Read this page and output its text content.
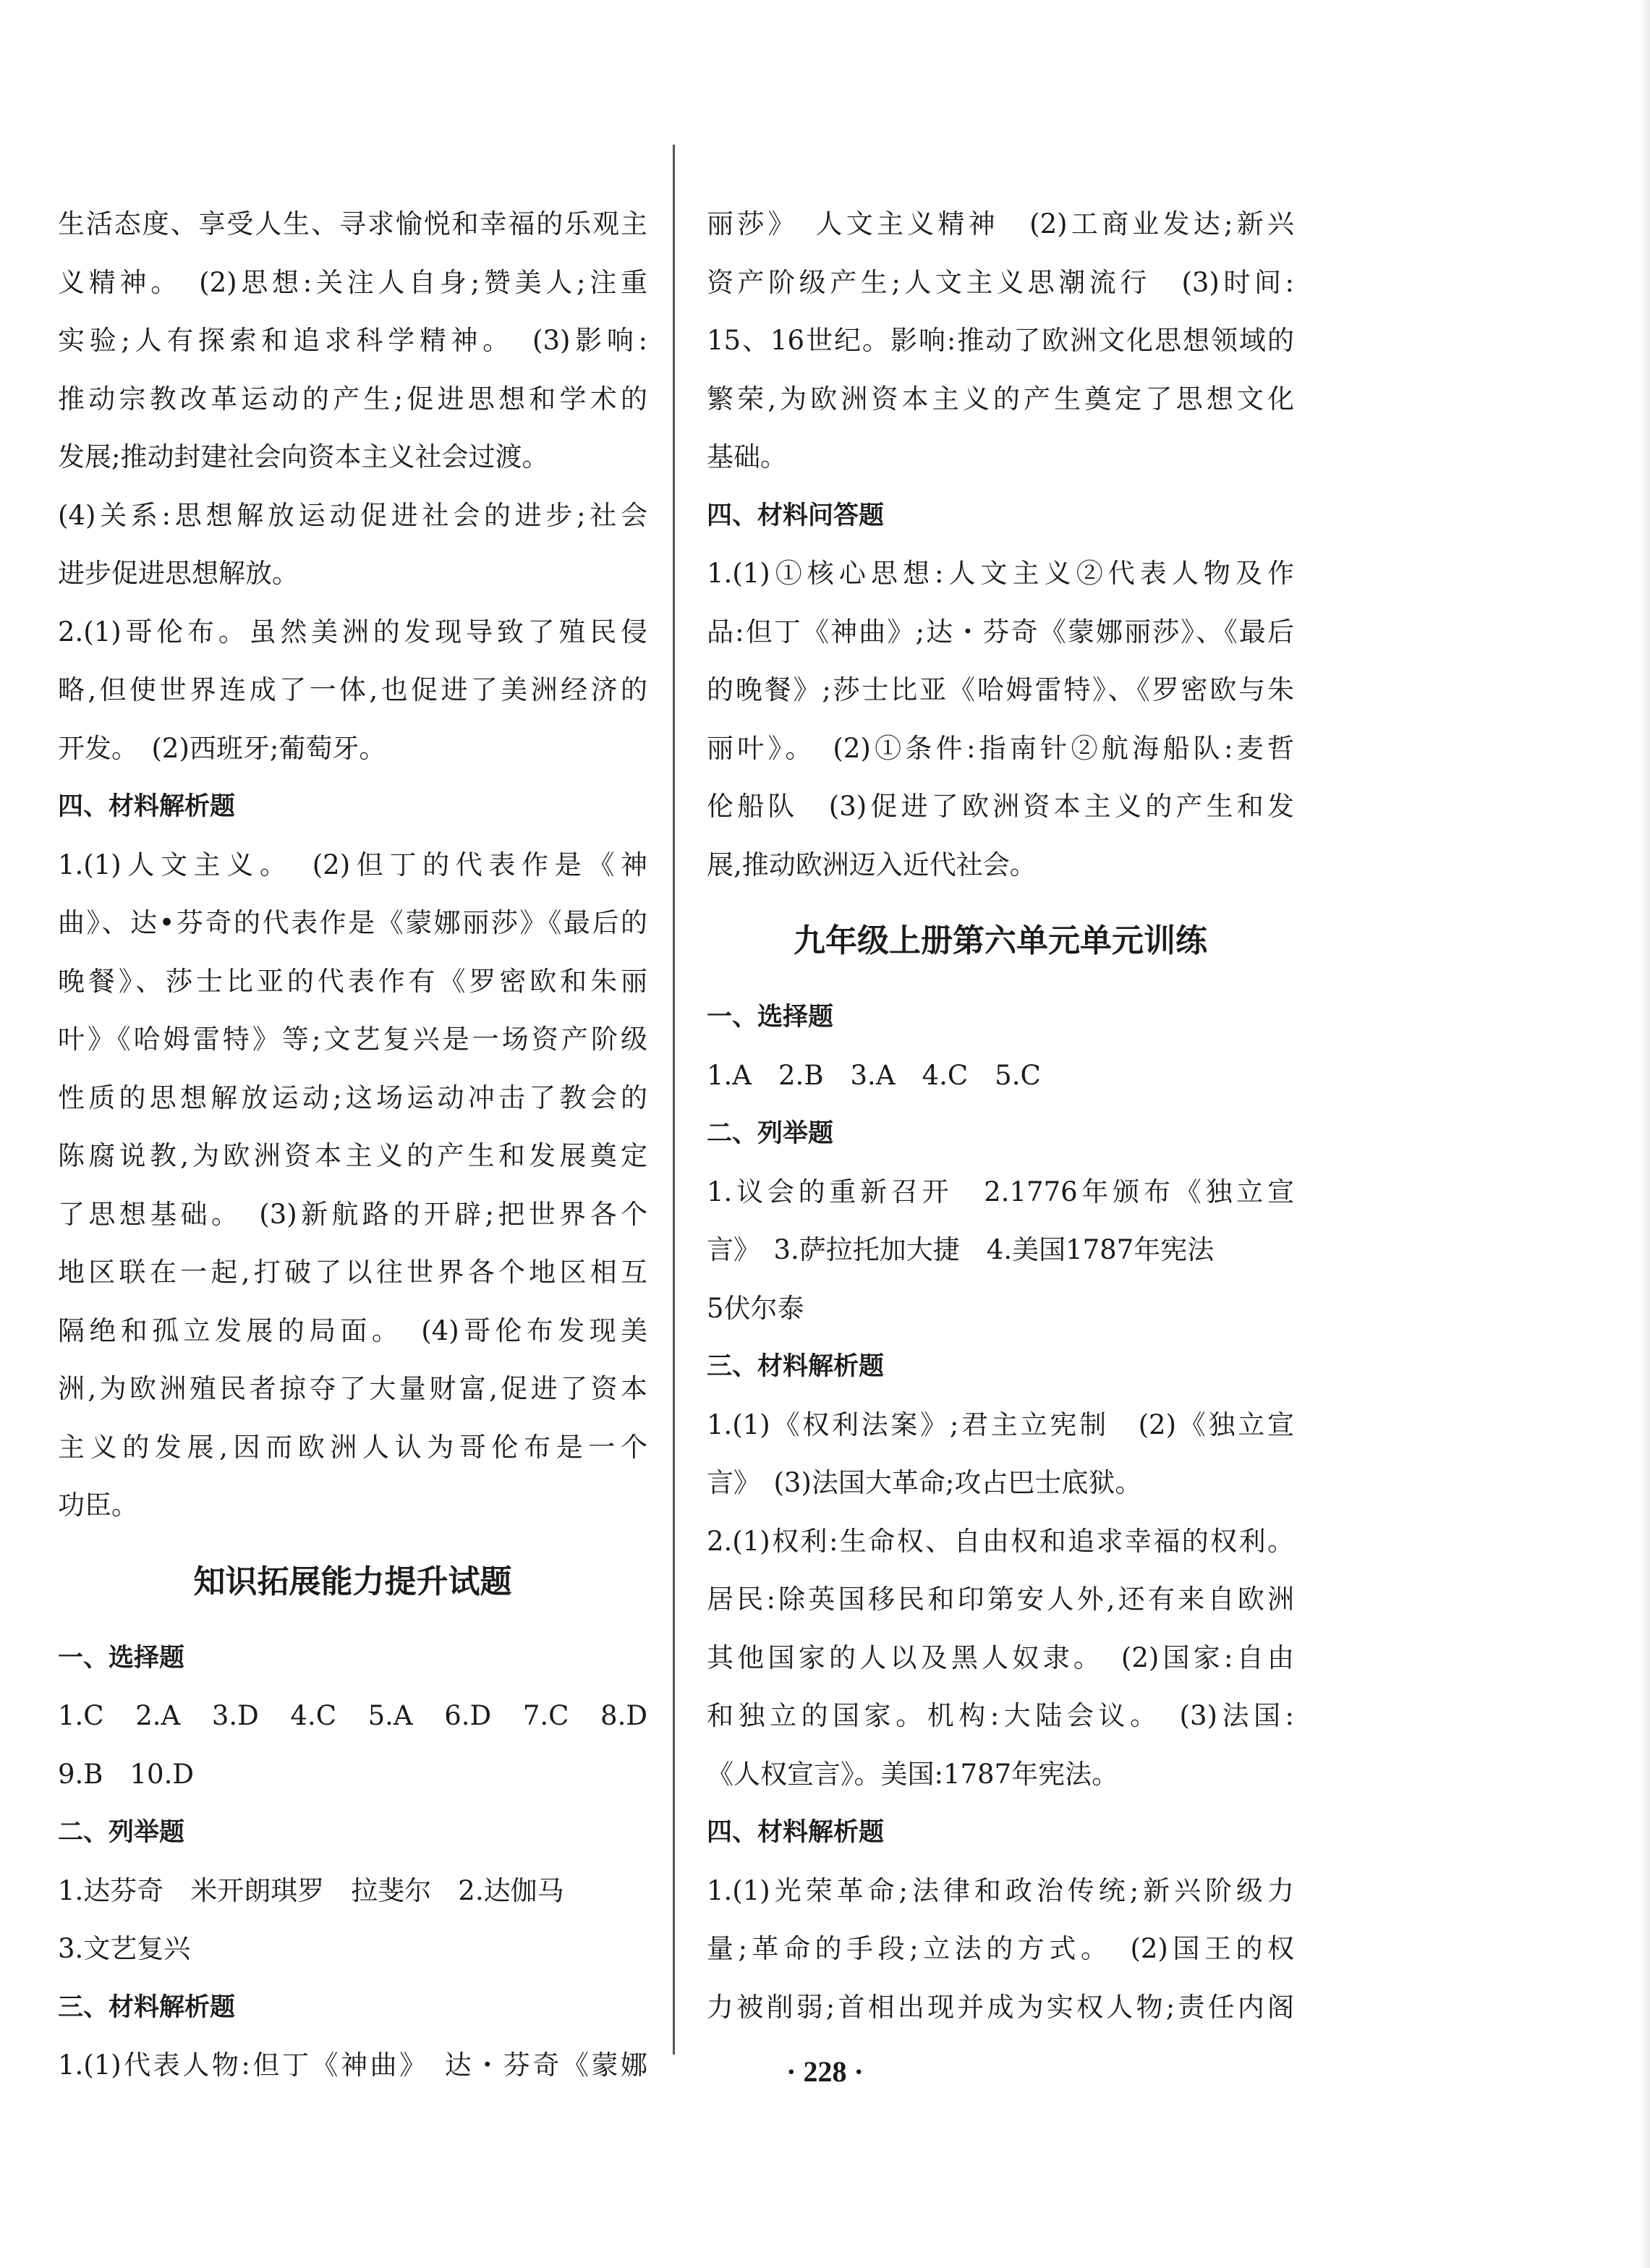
生活态度、享受人生、寻求愉悦和幸福的乐观主
义精神。　(2)思想:关注人自身;赞美人;注重
实验;人有探索和追求科学精神。　(3)影响:
推动宗教改革运动的产生;促进思想和学术的
发展;推动封建社会向资本主义社会过渡。
(4)关系:思想解放运动促进社会的进步;社会
进步促进思想解放。
2.(1)哥伦布。虽然美洲的发现导致了殖民侵
略,但使世界连成了一体,也促进了美洲经济的
开发。　(2)西班牙;葡萄牙。
四、材料解析题
1.(1)人文主义。　(2)但丁的代表作是《神
曲》、达•芬奇的代表作是《蒙娜丽莎》《最后的
晚餐》、莎士比亚的代表作有《罗密欧和朱丽
叶》《哈姆雷特》等;文艺复兴是一场资产阶级
性质的思想解放运动;这场运动冲击了教会的
陈腐说教,为欧洲资本主义的产生和发展奠定
了思想基础。　(3)新航路的开辟;把世界各个
地区联在一起,打破了以往世界各个地区相互
隔绝和孤立发展的局面。　(4)哥伦布发现美
洲,为欧洲殖民者掠夺了大量财富,促进了资本
主义的发展,因而欧洲人认为哥伦布是一个
功臣。
知识拓展能力提升试题
一、选择题
1.C　2.A　3.D　4.C　5.A　6.D　7.C　8.D
9.B　10.D
二、列举题
1.达芬奇　米开朗琪罗　拉斐尔　2.达伽马
3.文艺复兴
三、材料解析题
1.(1)代表人物:但丁《神曲》　达・芬奇《蒙娜
丽莎》　人文主义精神　(2)工商业发达;新兴
资产阶级产生;人文主义思潮流行　(3)时间:
15、16世纪。影响:推动了欧洲文化思想领域的
繁荣,为欧洲资本主义的产生奠定了思想文化
基础。
四、材料问答题
1.(1)①核心思想:人文主义②代表人物及作
品:但丁《神曲》;达・芬奇《蒙娜丽莎》、《最后
的晚餐》;莎士比亚《哈姆雷特》、《罗密欧与朱
丽叶》。　(2)①条件:指南针②航海船队:麦哲
伦船队　(3)促进了欧洲资本主义的产生和发
展,推动欧洲迈入近代社会。
九年级上册第六单元单元训练
一、选择题
1.A　2.B　3.A　4.C　5.C
二、列举题
1.议会的重新召开　2.1776年颁布《独立宣
言》　3.萨拉托加大捷　4.美国1787年宪法
5伏尔泰
三、材料解析题
1.(1)《权利法案》;君主立宪制　(2)《独立宣
言》　(3)法国大革命;攻占巴士底狱。
2.(1)权利:生命权、自由权和追求幸福的权利。
居民:除英国移民和印第安人外,还有来自欧洲
其他国家的人以及黑人奴隶。　(2)国家:自由
和独立的国家。机构:大陆会议。　(3)法国:
《人权宣言》。美国:1787年宪法。
四、材料解析题
1.(1)光荣革命;法律和政治传统;新兴阶级力
量;革命的手段;立法的方式。　(2)国王的权
力被削弱;首相出现并成为实权人物;责任内阁
· 228 ·
